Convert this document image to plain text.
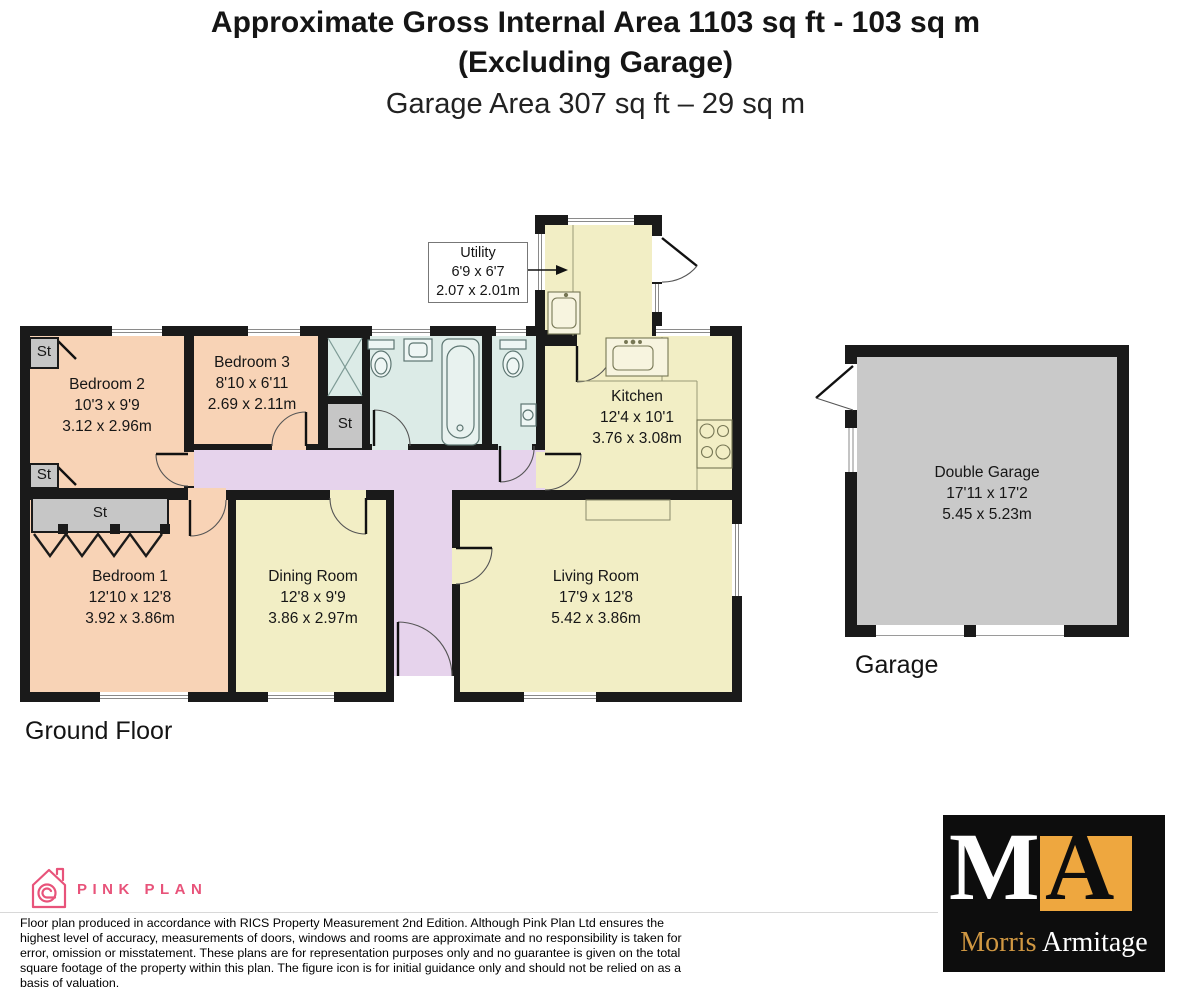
Approximate Gross Internal Area 1103 sq ft - 103 sq m
(Excluding Garage)
Garage Area 307 sq ft – 29 sq m
Bedroom 2
10'3 x 9'9
3.12 x 2.96m
Bedroom 3
8'10 x 6'11
2.69 x 2.11m	Kitchen
12'4 x 10'1
3.76 x 3.08m
Bedroom 1
12'10 x 12'8
3.92 x 3.86m
Dining Room
12'8 x 9'9
3.86 x 2.97m
Living Room
17'9 x 12'8
5.42 x 3.86m
Double Garage
17'11 x 17'2
5.45 x 5.23m
Utility
6'9 x 6'7
2.07 x 2.01m
St
St
St
St
Ground Floor
Garage
PINK PLAN

Floor plan produced in accordance with RICS Property Measurement 2nd Edition. Although Pink Plan Ltd ensures the highest level of accuracy, measurements of doors, windows and rooms are approximate and no responsibility is taken for error, omission or misstatement. These plans are for representation purposes only and no guarantee is given on the total square footage of the property within this plan. The figure icon is for initial guidance only and should not be relied on as a basis of valuation.

M A
Morris Armitage
